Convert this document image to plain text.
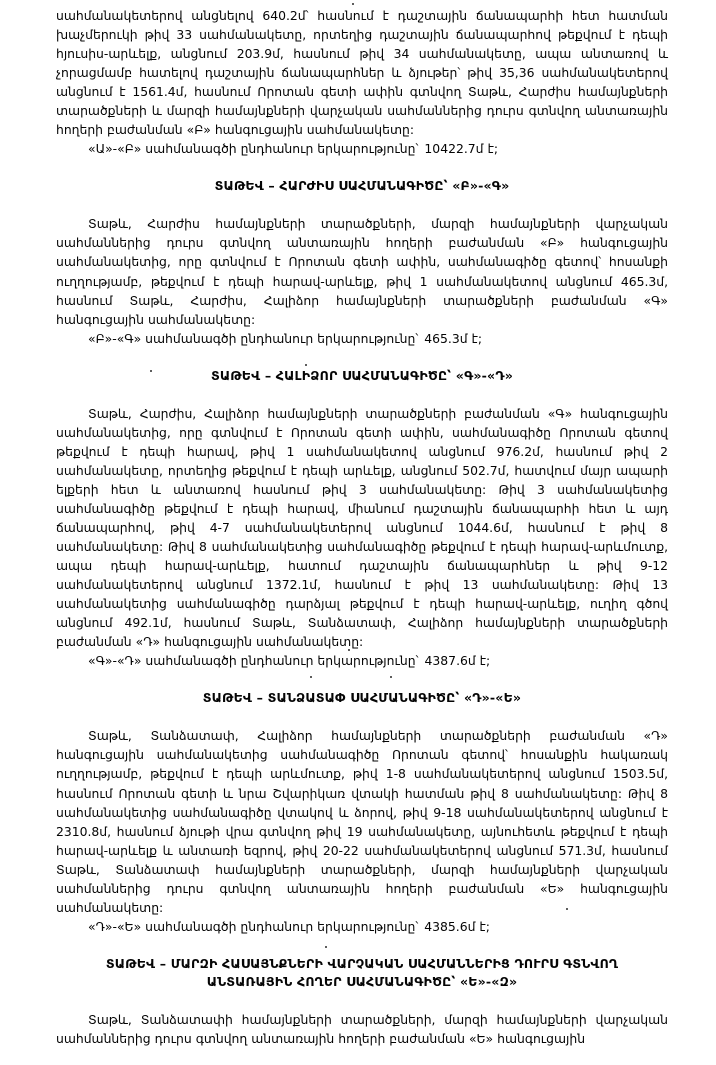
սահմանակետերով անցնելով 640.2մ՝ հասնում է դաշտային ճանապարհի հետ հատման խաչմերուկի թիվ 33 սահմանակետը, որտեղից դաշտային ճանապարհով թեքվում է դեպի հյուսիս-արևելք, անցնում 203.9մ, հասնում թիվ 34 սահմանակետը, ապա անտառով և չորացմամբ հատելով դաշտային ճանապարհներ և ձյութեր՝ թիվ 35,36 սահմանակետերով անցնում է 1561.4մ, հասնում Որոտան գետի ափին գտնվող Տաթև, Հարժիս համայնքների տարածքների և մարզի համայնքների վարչական սահմաններից դուրս գտնվող անտառային հողերի բաժանման «Բ» հանգուցային սահմանակետը:

«Ա»-«Բ» սահմանագծի ընդհանուր երկարությունը՝ 10422.7մ է;

ՏԱԹԵՎ – ՀԱՐԺԻՍ ՍԱՀՄԱՆԱԳԻԾԸ՝ «Բ»-«Գ»

Տաթև, Հարժիս համայնքների տարածքների, մարզի համայնքների վարչական սահմաններից դուրս գտնվող անտառային հողերի բաժանման «Բ» հանգուցային սահմանակետից, որը գտնվում է Որոտան գետի ափին, սահմանագիծը գետով՝ հոսանքի ուղղությամբ, թեքվում է դեպի հարավ-արևելք, թիվ 1 սահմանակետով անցնում 465.3մ, հասնում Տաթև, Հարժիս, Հալիձոր համայնքների տարածքների բաժանման «Գ» հանգուցային սահմանակետը:

«Բ»-«Գ» սահմանագծի ընդհանուր երկարությունը՝ 465.3մ է;

ՏԱԹԵՎ – ՀԱԼԻՁՈՐ ՍԱՀՄԱՆԱԳԻԾԸ՝ «Գ»-«Դ»

Տաթև, Հարժիս, Հալիձոր համայնքների տարածքների բաժանման «Գ» հանգուցային սահմանակետից, որը գտնվում է Որոտան գետի ափին, սահմանագիծը Որոտան գետով թեքվում է դեպի հարավ, թիվ 1 սահմանակետով անցնում 976.2մ, հասնում թիվ 2 սահմանակետը, որտեղից թեքվում է դեպի արևելք, անցնում 502.7մ, հատվում մայր ապարի ելքերի հետ և անտառով հասնում թիվ 3 սահմանակետը: Թիվ 3 սահմանակետից սահմանագիծը թեքվում է դեպի հարավ, միանում դաշտային ճանապարհի հետ և այդ ճանապարհով, թիվ 4-7 սահմանակետերով անցնում 1044.6մ, հասնում է թիվ 8 սահմանակետը: Թիվ 8 սահմանակետից սահմանագիծը թեքվում է դեպի հարավ-արևմուտք, ապա դեպի հարավ-արևելք, հատում դաշտային ճանապարհներ և թիվ 9-12 սահմանակետերով անցնում 1372.1մ, հասնում է թիվ 13 սահմանակետը: Թիվ 13 սահմանակետից սահմանագիծը դարձյալ թեքվում է դեպի հարավ-արևելք, ուղիղ գծով անցնում 492.1մ, հասնում Տաթև, Տանձատափ, Հալիձոր համայնքների տարածքների բաժանման «Դ» հանգուցային սահմանակետը:

«Գ»-«Դ» սահմանագծի ընդհանուր երկարությունը՝ 4387.6մ է;

ՏԱԹԵՎ – ՏԱՆՁԱՏԱՓ ՍԱՀՄԱՆԱԳԻԾԸ՝ «Դ»-«Ե»

Տաթև, Տանձատափ, Հալիձոր համայնքների տարածքների բաժանման «Դ» հանգուցային սահմանակետից սահմանագիծը Որոտան գետով՝ հոսանքին հակառակ ուղղությամբ, թեքվում է դեպի արևմուտք, թիվ 1-8 սահմանակետերով անցնում 1503.5մ, հասնում Որոտան գետի և նրա Շվարիկառ վտակի հատման թիվ 8 սահմանակետը: Թիվ 8 սահմանակետից սահմանագիծը վտակով և ձորով, թիվ 9-18 սահմանակետերով անցնում է 2310.8մ, հասնում ձյութի վրա գտնվող թիվ 19 սահմանակետը, այնուհետև թեքվում է դեպի հարավ-արևելք և անտառի եզրով, թիվ 20-22 սահմանակետերով անցնում 571.3մ, հասնում Տաթև, Տանձատափ համայնքների տարածքների, մարզի համայնքների վարչական սահմաններից դուրս գտնվող անտառային հողերի բաժանման «Ե» հանգուցային սահմանակետը:

«Դ»-«Ե» սահմանագծի ընդհանուր երկարությունը՝ 4385.6մ է;

ՏԱԹԵՎ – ՄԱՐԶԻ ՀԱՍԱՅՆՔՆԵՐԻ ՎԱՐՉԱԿԱՆ ՍԱՀՄԱՆՆԵՐԻՑ ԴՈՒՐՍ ԳՏՆՎՈՂ

ԱՆՏԱՌԱՅԻՆ ՀՈՂԵՐ ՍԱՀՄԱՆԱԳԻԾԸ՝ «Ե»-«Զ»

Տաթև, Տանձատափի համայնքների տարածքների, մարզի համայնքների վարչական սահմաններից դուրս գտնվող անտառային հողերի բաժանման «Ե» հանգուցային
